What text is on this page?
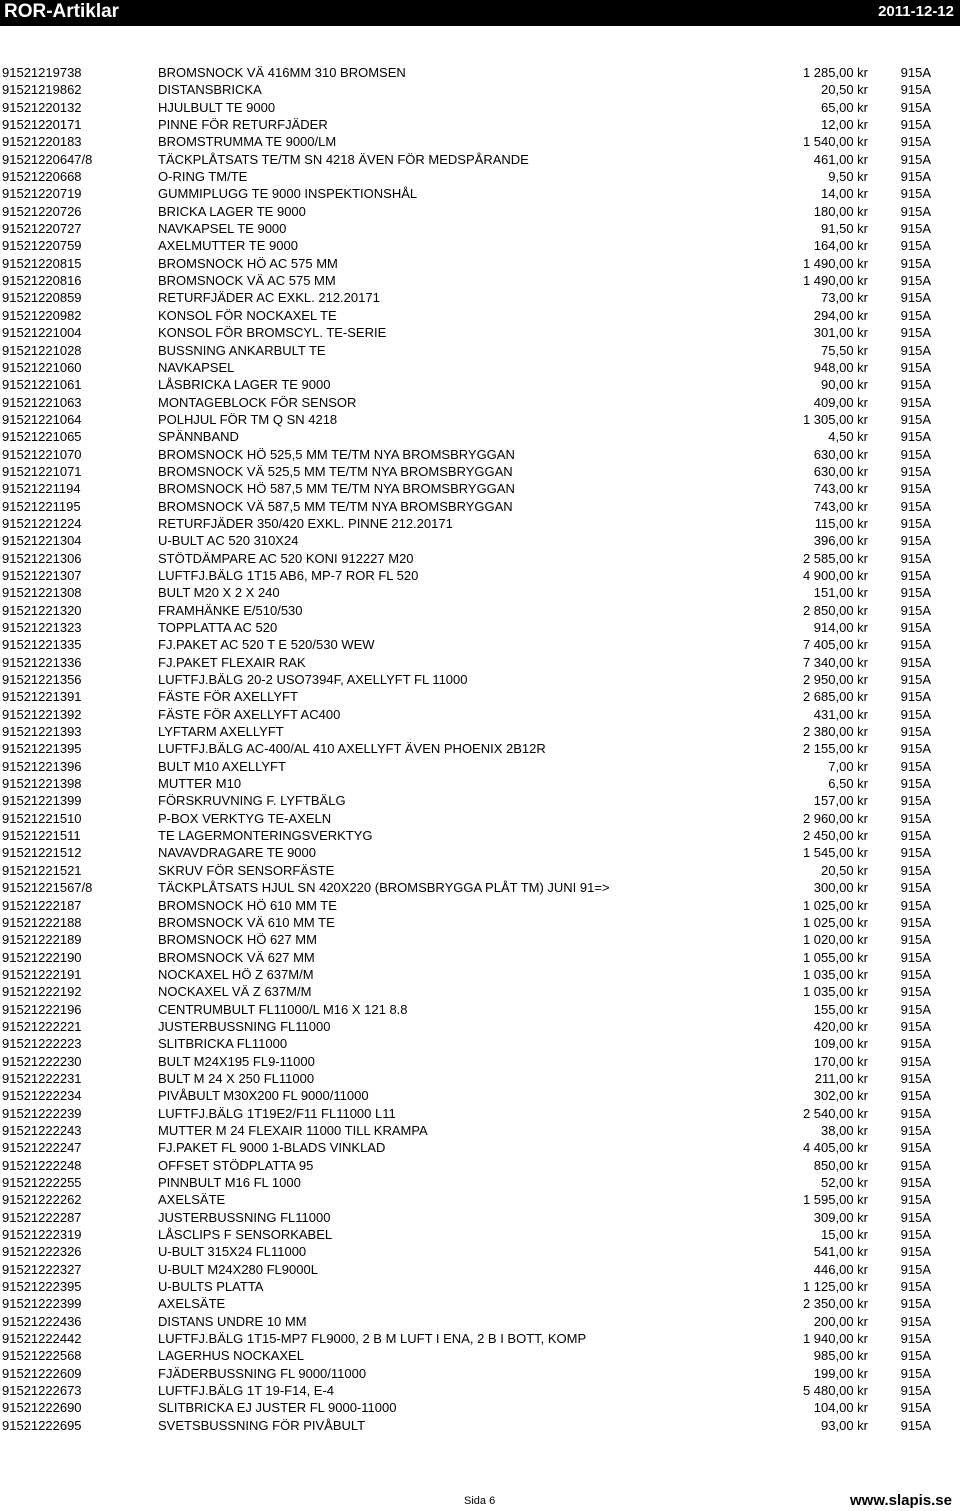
ROR-Artiklar	2011-12-12
91521219738	BROMSNOCK VÄ 416MM 310 BROMSEN	1 285,00 kr	915A
91521219862	DISTANSBRICKA	20,50 kr	915A
91521220132	HJULBULT TE 9000	65,00 kr	915A
91521220171	PINNE FÖR RETURFJÄDER	12,00 kr	915A
91521220183	BROMSTRUMMA TE 9000/LM	1 540,00 kr	915A
91521220647/8	TÄCKPLÅTSATS TE/TM SN 4218 ÄVEN FÖR MEDSPÅRANDE	461,00 kr	915A
91521220668	O-RING TM/TE	9,50 kr	915A
91521220719	GUMMIPLUGG TE 9000 INSPEKTIONSHÅL	14,00 kr	915A
91521220726	BRICKA LAGER TE 9000	180,00 kr	915A
91521220727	NAVKAPSEL TE 9000	91,50 kr	915A
91521220759	AXELMUTTER TE 9000	164,00 kr	915A
91521220815	BROMSNOCK HÖ AC 575 MM	1 490,00 kr	915A
91521220816	BROMSNOCK VÄ AC 575 MM	1 490,00 kr	915A
91521220859	RETURFJÄDER AC EXKL. 212.20171	73,00 kr	915A
91521220982	KONSOL FÖR NOCKAXEL TE	294,00 kr	915A
91521221004	KONSOL FÖR BROMSCYL. TE-SERIE	301,00 kr	915A
91521221028	BUSSNING ANKARBULT TE	75,50 kr	915A
91521221060	NAVKAPSEL	948,00 kr	915A
91521221061	LÅSBRICKA LAGER TE 9000	90,00 kr	915A
91521221063	MONTAGEBLOCK FÖR SENSOR	409,00 kr	915A
91521221064	POLHJUL FÖR TM Q SN 4218	1 305,00 kr	915A
91521221065	SPÄNNBAND	4,50 kr	915A
91521221070	BROMSNOCK HÖ 525,5 MM TE/TM NYA BROMSBRYGGAN	630,00 kr	915A
91521221071	BROMSNOCK VÄ 525,5 MM TE/TM NYA BROMSBRYGGAN	630,00 kr	915A
91521221194	BROMSNOCK HÖ 587,5 MM TE/TM NYA BROMSBRYGGAN	743,00 kr	915A
91521221195	BROMSNOCK VÄ 587,5 MM TE/TM NYA BROMSBRYGGAN	743,00 kr	915A
91521221224	RETURFJÄDER 350/420 EXKL. PINNE 212.20171	115,00 kr	915A
91521221304	U-BULT AC 520 310X24	396,00 kr	915A
91521221306	STÖTDÄMPARE AC 520 KONI 912227 M20	2 585,00 kr	915A
91521221307	LUFTFJ.BÄLG 1T15 AB6, MP-7 ROR FL 520	4 900,00 kr	915A
91521221308	BULT M20 X 2 X 240	151,00 kr	915A
91521221320	FRAMHÄNKE E/510/530	2 850,00 kr	915A
91521221323	TOPPLATTA AC 520	914,00 kr	915A
91521221335	FJ.PAKET AC 520 T E 520/530 WEW	7 405,00 kr	915A
91521221336	FJ.PAKET FLEXAIR RAK	7 340,00 kr	915A
91521221356	LUFTFJ.BÄLG 20-2 USO7394F, AXELLYFT FL 11000	2 950,00 kr	915A
91521221391	FÄSTE FÖR AXELLYFT	2 685,00 kr	915A
91521221392	FÄSTE FÖR AXELLYFT AC400	431,00 kr	915A
91521221393	LYFTARM AXELLYFT	2 380,00 kr	915A
91521221395	LUFTFJ.BÄLG AC-400/AL 410 AXELLYFT ÄVEN PHOENIX 2B12R	2 155,00 kr	915A
91521221396	BULT M10 AXELLYFT	7,00 kr	915A
91521221398	MUTTER M10	6,50 kr	915A
91521221399	FÖRSKRUVNING F. LYFTBÄLG	157,00 kr	915A
91521221510	P-BOX VERKTYG TE-AXELN	2 960,00 kr	915A
91521221511	TE LAGERMONTERINGSVERKTYG	2 450,00 kr	915A
91521221512	NAVAVDRAGARE TE 9000	1 545,00 kr	915A
91521221521	SKRUV FÖR SENSORFÄSTE	20,50 kr	915A
91521221567/8	TÄCKPLÅTSATS HJUL SN 420X220 (BROMSBRYGGA PLÅT TM) JUNI 91=>	300,00 kr	915A
91521222187	BROMSNOCK HÖ 610 MM TE	1 025,00 kr	915A
91521222188	BROMSNOCK VÄ 610 MM TE	1 025,00 kr	915A
91521222189	BROMSNOCK HÖ 627 MM	1 020,00 kr	915A
91521222190	BROMSNOCK VÄ 627 MM	1 055,00 kr	915A
91521222191	NOCKAXEL HÖ Z 637M/M	1 035,00 kr	915A
91521222192	NOCKAXEL VÄ Z 637M/M	1 035,00 kr	915A
91521222196	CENTRUMBULT FL11000/L M16 X 121 8.8	155,00 kr	915A
91521222221	JUSTERBUSSNING FL11000	420,00 kr	915A
91521222223	SLITBRICKA FL11000	109,00 kr	915A
91521222230	BULT M24X195 FL9-11000	170,00 kr	915A
91521222231	BULT M 24 X 250 FL11000	211,00 kr	915A
91521222234	PIVÅBULT M30X200 FL 9000/11000	302,00 kr	915A
91521222239	LUFTFJ.BÄLG 1T19E2/F11 FL11000 L11	2 540,00 kr	915A
91521222243	MUTTER M 24 FLEXAIR 11000 TILL KRAMPA	38,00 kr	915A
91521222247	FJ.PAKET FL 9000 1-BLADS VINKLAD	4 405,00 kr	915A
91521222248	OFFSET STÖDPLATTA 95	850,00 kr	915A
91521222255	PINNBULT M16 FL 1000	52,00 kr	915A
91521222262	AXELSÄTE	1 595,00 kr	915A
91521222287	JUSTERBUSSNING FL11000	309,00 kr	915A
91521222319	LÅSCLIPS F SENSORKABEL	15,00 kr	915A
91521222326	U-BULT 315X24 FL11000	541,00 kr	915A
91521222327	U-BULT M24X280 FL9000L	446,00 kr	915A
91521222395	U-BULTS PLATTA	1 125,00 kr	915A
91521222399	AXELSÄTE	2 350,00 kr	915A
91521222436	DISTANS UNDRE 10 MM	200,00 kr	915A
91521222442	LUFTFJ.BÄLG 1T15-MP7 FL9000, 2 B M LUFT I ENA, 2 B I BOTT, KOMP	1 940,00 kr	915A
91521222568	LAGERHUS NOCKAXEL	985,00 kr	915A
91521222609	FJÄDERBUSSNING FL 9000/11000	199,00 kr	915A
91521222673	LUFTFJ.BÄLG 1T 19-F14, E-4	5 480,00 kr	915A
91521222690	SLITBRICKA EJ JUSTER FL 9000-11000	104,00 kr	915A
91521222695	SVETSBUSSNING FÖR PIVÅBULT	93,00 kr	915A
Sida 6	www.slapis.se
